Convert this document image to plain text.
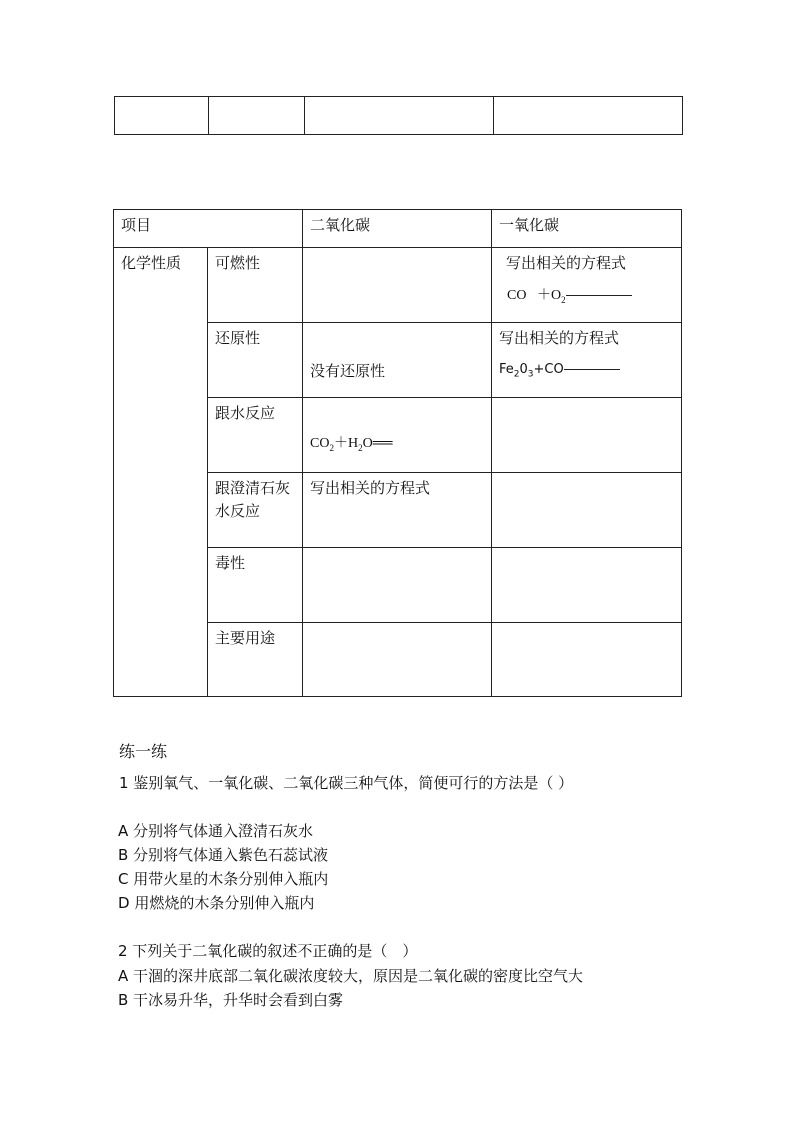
项目		二氧化碳	一氧化碳

化学性质	可燃性		写出相关的方程式
CO $+O_2$

	还原性	没有还原性	写出相关的方程式
$Fe_20_3+CO$

	跟水反应	$CO_2+H_2O══$	

	跟澄清石灰
水反应	写出相关的方程式	

	毒性		

	主要用途		

练一练
1 鉴别氧气、一氧化碳、二氧化碳三种气体，简便可行的方法是（ ）
A 分别将气体通入澄清石灰水
B 分别将气体通入紫色石蕊试液
C 用带火星的木条分别伸入瓶内
D 用燃烧的木条分别伸入瓶内
2 下列关于二氧化碳的叙述不正确的是（　）
A 干涸的深井底部二氧化碳浓度较大，原因是二氧化碳的密度比空气大
B 干冰易升华，升华时会看到白雾
